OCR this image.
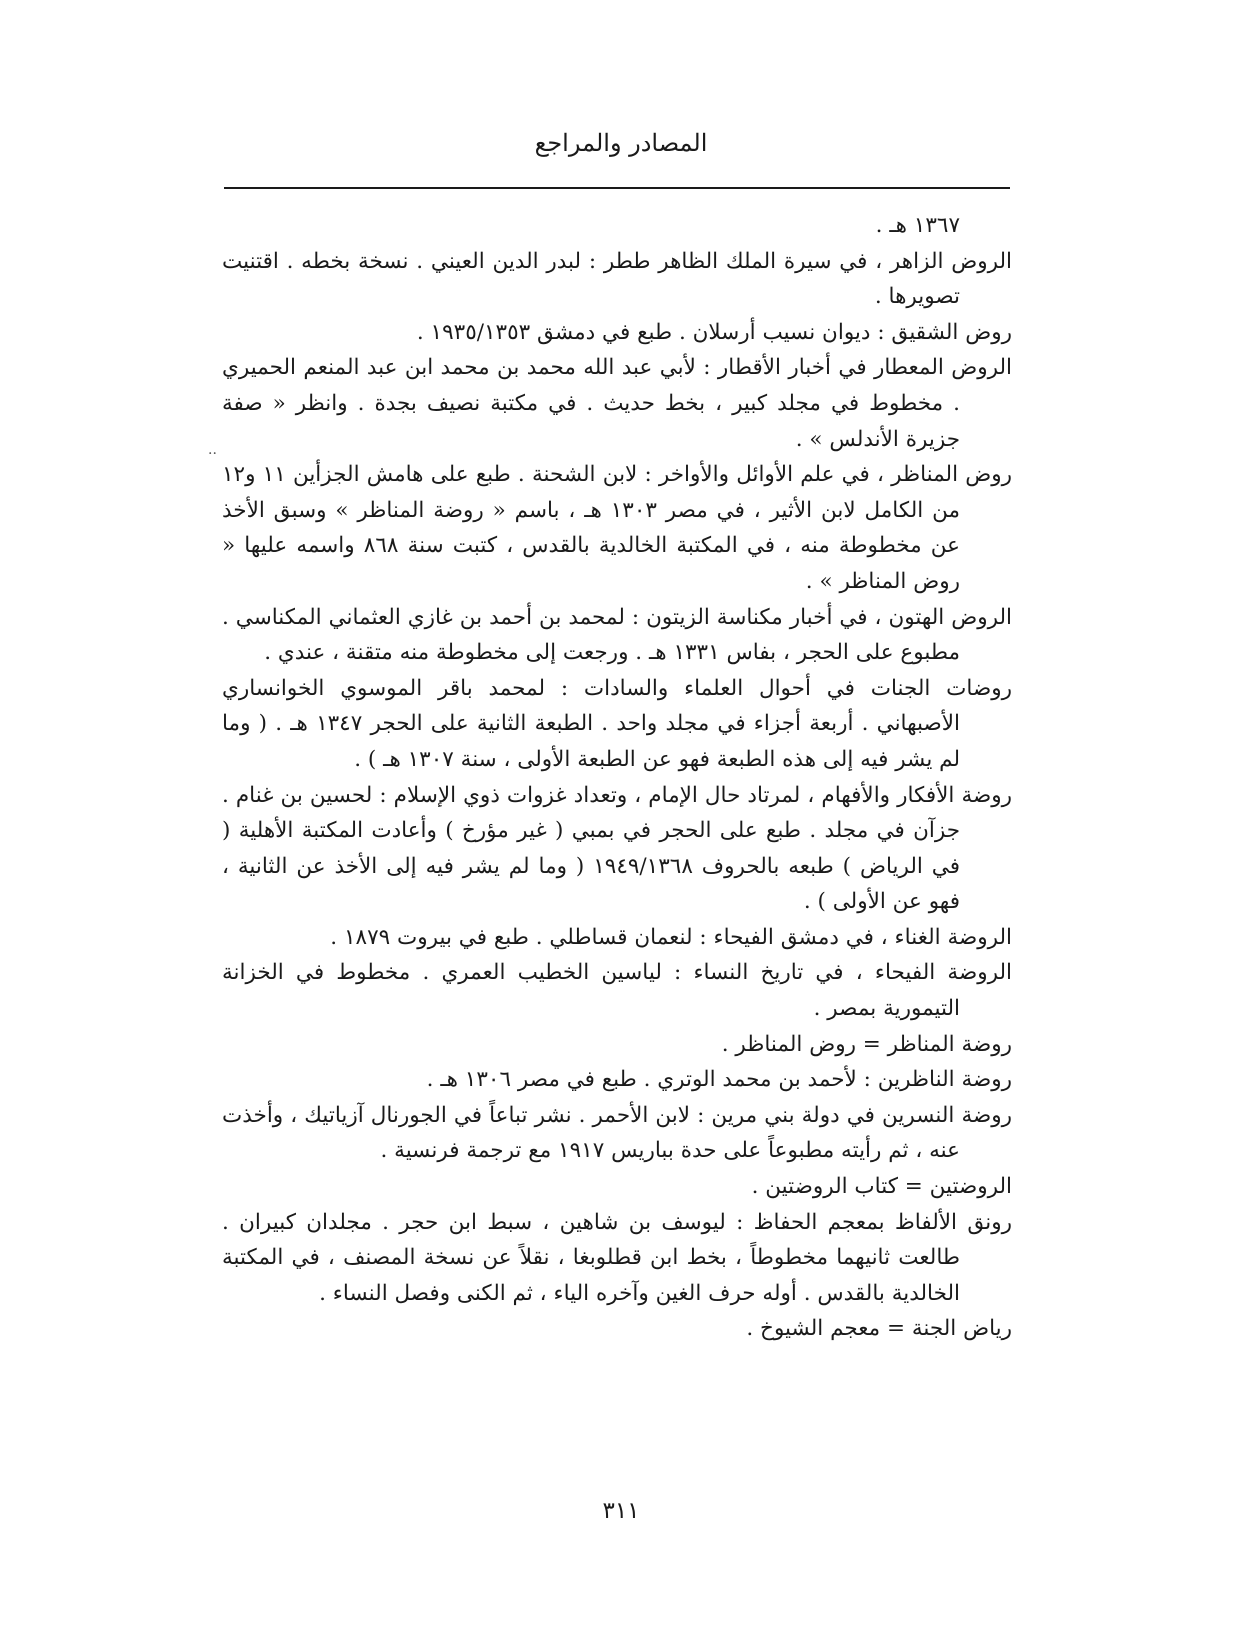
المصادر والمراجع
١٣٦٧ هـ .
الروض الزاهر ، في سيرة الملك الظاهر ططر : لبدر الدين العيني . نسخة بخطه . اقتنيت تصويرها .
روض الشقيق : ديوان نسيب أرسلان . طبع في دمشق ١٩٣٥/١٣٥٣ .
الروض المعطار في أخبار الأقطار : لأبي عبد الله محمد بن محمد ابن عبد المنعم الحميري . مخطوط في مجلد كبير ، بخط حديث . في مكتبة نصيف بجدة . وانظر « صفة جزيرة الأندلس » .
روض المناظر ، في علم الأوائل والأواخر : لابن الشحنة . طبع على هامش الجزأين ١١ و١٢ من الكامل لابن الأثير ، في مصر ١٣٠٣ هـ ، باسم « روضة المناظر » وسبق الأخذ عن مخطوطة منه ، في المكتبة الخالدية بالقدس ، كتبت سنة ٨٦٨ واسمه عليها « روض المناظر » .
الروض الهتون ، في أخبار مكناسة الزيتون : لمحمد بن أحمد بن غازي العثماني المكناسي . مطبوع على الحجر ، بفاس ١٣٣١ هـ . ورجعت إلى مخطوطة منه متقنة ، عندي .
روضات الجنات في أحوال العلماء والسادات : لمحمد باقر الموسوي الخوانساري الأصبهاني . أربعة أجزاء في مجلد واحد . الطبعة الثانية على الحجر ١٣٤٧ هـ . ( وما لم يشر فيه إلى هذه الطبعة فهو عن الطبعة الأولى ، سنة ١٣٠٧ هـ ) .
روضة الأفكار والأفهام ، لمرتاد حال الإمام ، وتعداد غزوات ذوي الإسلام : لحسين بن غنام . جزآن في مجلد . طبع على الحجر في بمبي ( غير مؤرخ ) وأعادت المكتبة الأهلية ( في الرياض ) طبعه بالحروف ١٩٤٩/١٣٦٨ ( وما لم يشر فيه إلى الأخذ عن الثانية ، فهو عن الأولى ) .
الروضة الغناء ، في دمشق الفيحاء : لنعمان قساطلي . طبع في بيروت ١٨٧٩ .
الروضة الفيحاء ، في تاريخ النساء : لياسين الخطيب العمري . مخطوط في الخزانة التيمورية بمصر .
روضة المناظر = روض المناظر .
روضة الناظرين : لأحمد بن محمد الوتري . طبع في مصر ١٣٠٦ هـ .
روضة النسرين في دولة بني مرين : لابن الأحمر . نشر تباعاً في الجورنال آزياتيك ، وأخذت عنه ، ثم رأيته مطبوعاً على حدة بباريس ١٩١٧ مع ترجمة فرنسية .
الروضتين = كتاب الروضتين .
رونق الألفاظ بمعجم الحفاظ : ليوسف بن شاهين ، سبط ابن حجر . مجلدان كبيران . طالعت ثانيهما مخطوطاً ، بخط ابن قطلوبغا ، نقلاً عن نسخة المصنف ، في المكتبة الخالدية بالقدس . أوله حرف الغين وآخره الياء ، ثم الكنى وفصل النساء .
رياض الجنة = معجم الشيوخ .
··
٣١١
